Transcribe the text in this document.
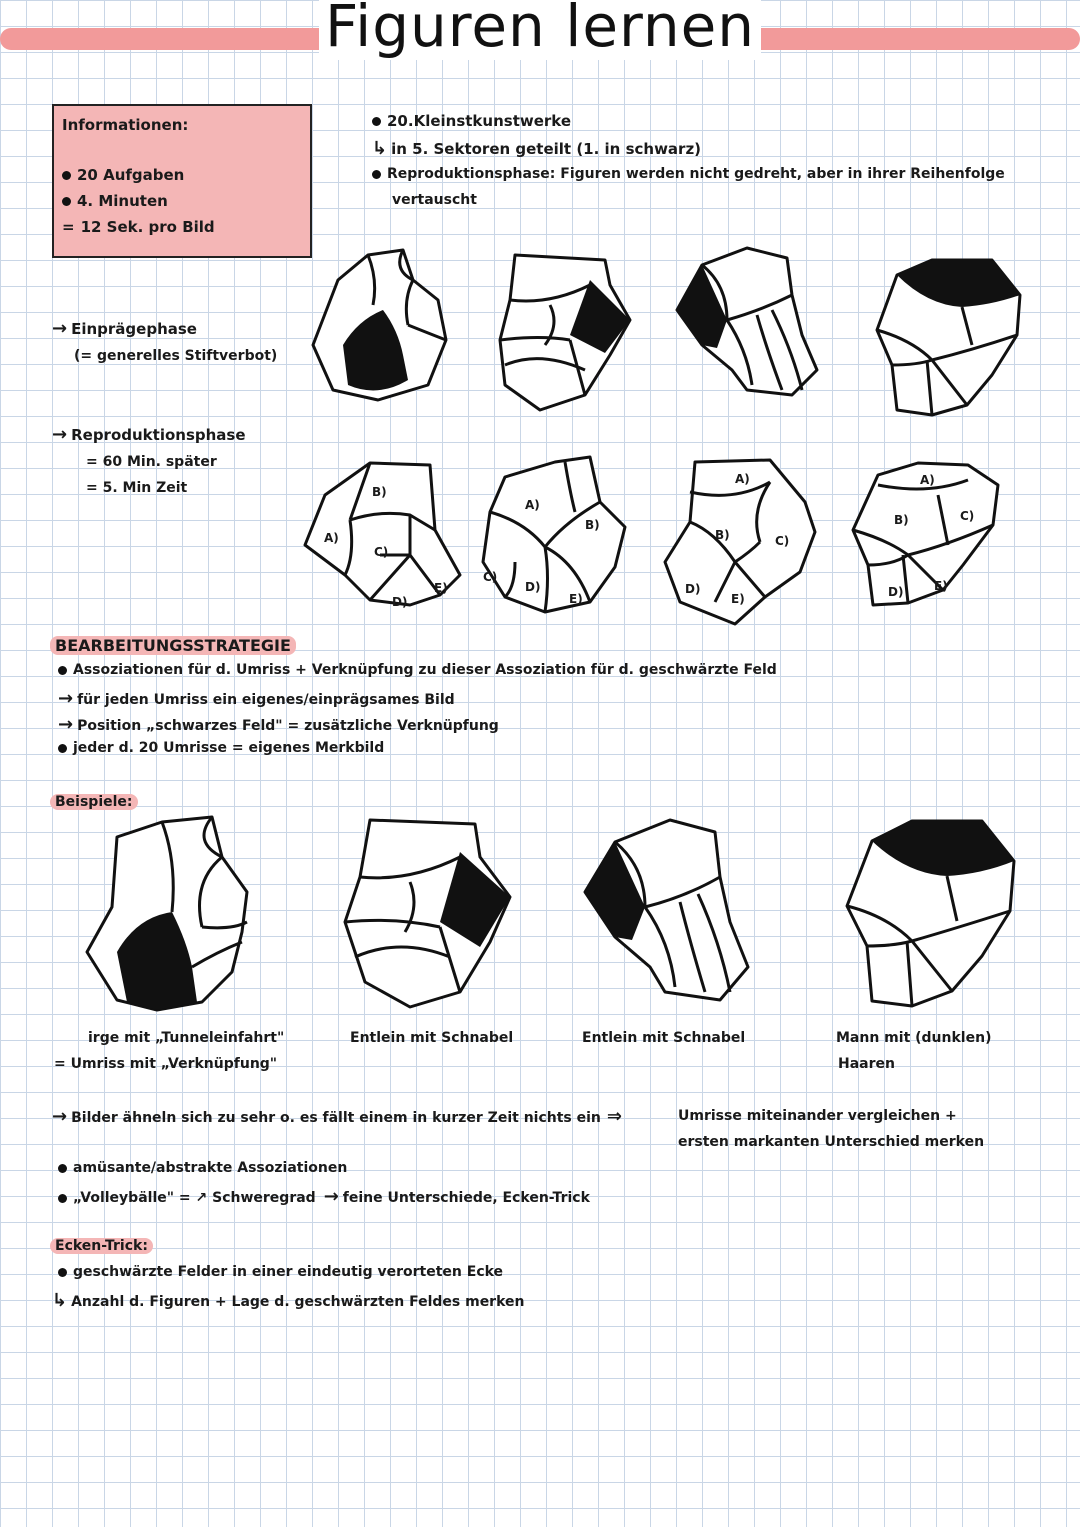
Figuren lernen
Informationen:
20 Aufgaben
4. Minuten
= 12 Sek. pro Bild
20.Kleinstkunstwerke
↳ in 5. Sektoren geteilt (1. in schwarz)
Reproduktionsphase: Figuren werden nicht gedreht, aber in ihrer Reihenfolge
vertauscht
→ Einprägephase
(= generelles Stiftverbot)
→ Reproduktionsphase
= 60 Min. später
= 5. Min Zeit
A)
B)
C)
D)
E)
A)
B)
C)
D)
E)
A)
B)	C)
D)
E)
A)
B)	C)
D)	E)
BEARBEITUNGSSTRATEGIE
Assoziationen für d. Umriss + Verknüpfung zu dieser Assoziation für d. geschwärzte Feld
→ für jeden Umriss ein eigenes/einprägsames Bild
→ Position „schwarzes Feld" = zusätzliche Verknüpfung
jeder d. 20 Umrisse = eigenes Merkbild
Beispiele:
irge mit „Tunneleinfahrt"
= Umriss mit „Verknüpfung"
Entlein mit Schnabel	Entlein mit Schnabel	Mann mit (dunklen)
Haaren
→ Bilder ähneln sich zu sehr o. es fällt einem in kurzer Zeit nichts ein ⇒	Umrisse miteinander vergleichen +
ersten markanten Unterschied merken
amüsante/abstrakte Assoziationen
„Volleybälle" = ↗ Schweregrad → feine Unterschiede, Ecken-Trick
Ecken-Trick:
geschwärzte Felder in einer eindeutig verorteten Ecke
↳ Anzahl d. Figuren + Lage d. geschwärzten Feldes merken
